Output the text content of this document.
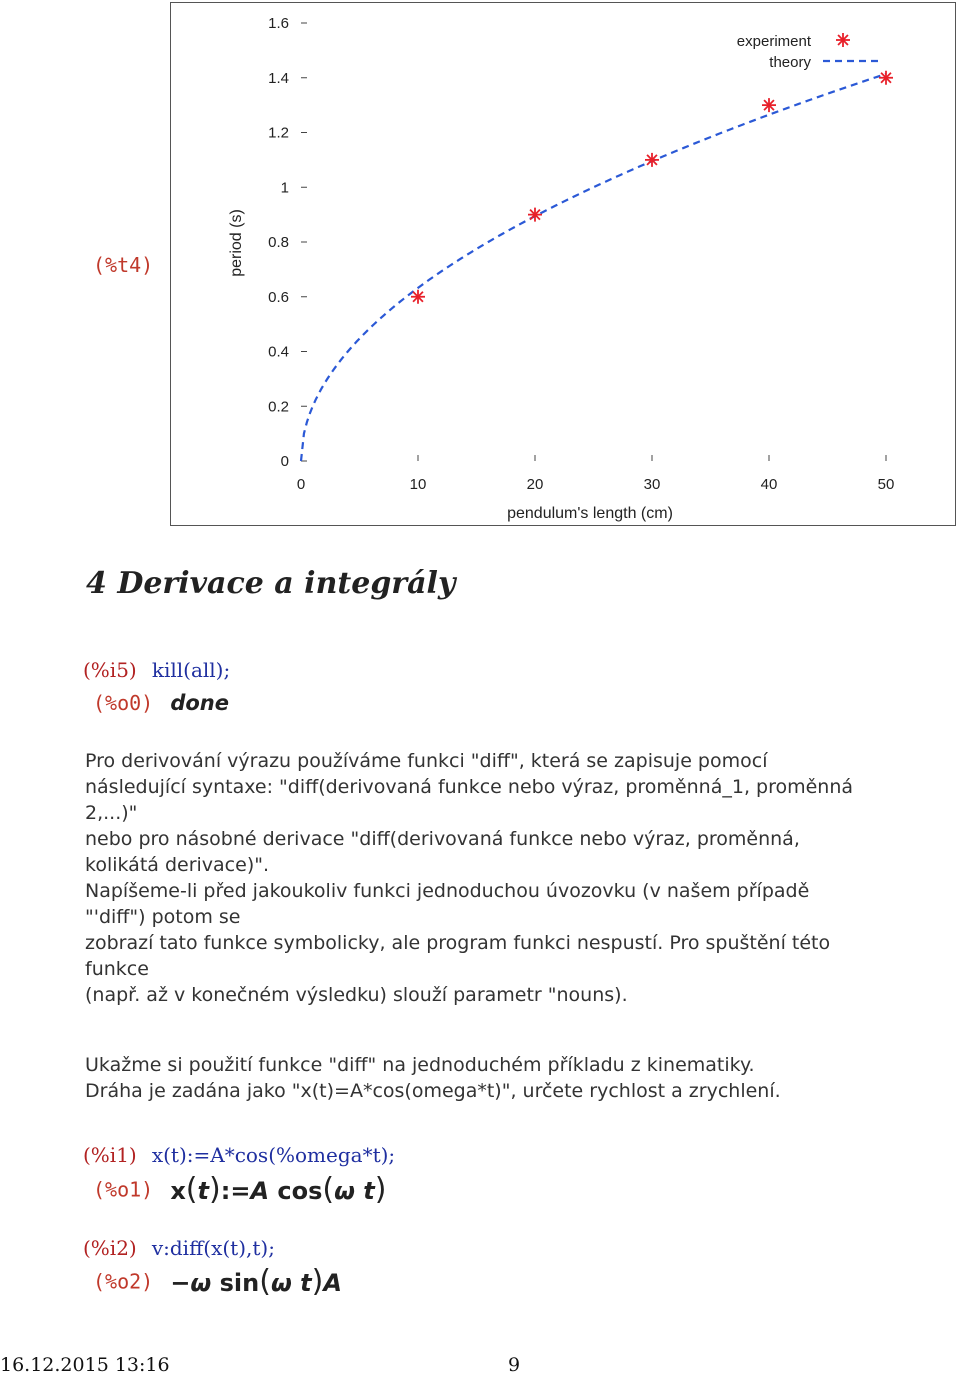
(%t4)
0	10	20	30	40	50
0
0.2
0.4
0.6
0.8
1
1.2
1.4
1.6
pendulum's length (cm)
period (s)
experiment
theory
4 Derivace a integrály
(%i5) kill(all);
(%o0) done
Pro derivování výrazu používáme funkci "diff", která se zapisuje pomocí
následující syntaxe: "diff(derivovaná funkce nebo výraz, proměnná_1, proměnná
2,...)"
nebo pro násobné derivace "diff(derivovaná funkce nebo výraz, proměnná,
kolikátá derivace)".
Napíšeme-li před jakoukoliv funkci jednoduchou úvozovku (v našem případě
"'diff") potom se
zobrazí tato funkce symbolicky, ale program funkci nespustí. Pro spuštění této
funkce
(např. až v konečném výsledku) slouží parametr "nouns).
Ukažme si použití funkce "diff" na jednoduchém příkladu z kinematiky.
Dráha je zadána jako "x(t)=A*cos(omega*t)", určete rychlost a zrychlení.
(%i1) x(t):=A*cos(%omega*t);
(%o1) x(t):=A cos(ω t)
(%i2) v:diff(x(t),t);
(%o2) −ω sin(ω t)A
16.12.2015 13:16	9
